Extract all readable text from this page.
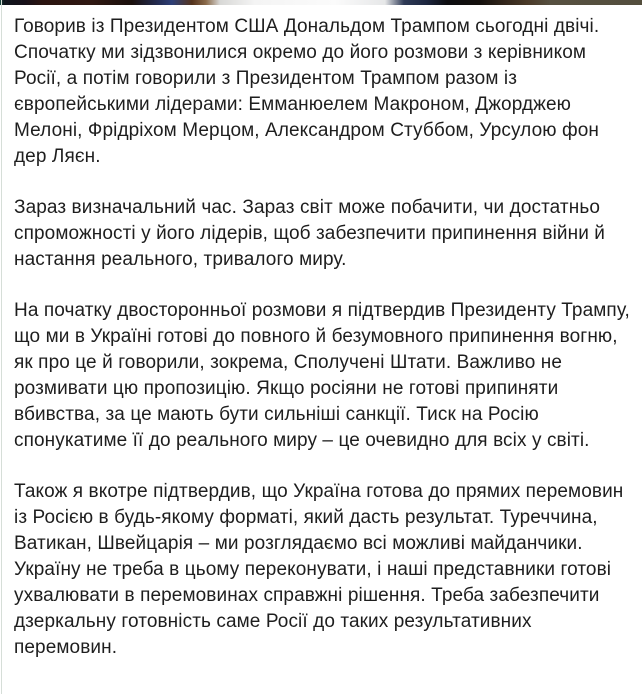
Говорив із Президентом США Дональдом Трампом сьогодні двічі. Спочатку ми зідзвонилися окремо до його розмови з керівником Росії, а потім говорили з Президентом Трампом разом із європейськими лідерами: Емманюелем Макроном, Джорджею Мелоні, Фрідріхом Мерцом, Александром Стуббом, Урсулою фон дер Ляєн.

Зараз визначальний час. Зараз світ може побачити, чи достатньо спроможності у його лідерів, щоб забезпечити припинення війни й настання реального, тривалого миру.

На початку двосторонньої розмови я підтвердив Президенту Трампу, що ми в Україні готові до повного й безумовного припинення вогню, як про це й говорили, зокрема, Сполучені Штати. Важливо не розмивати цю пропозицію. Якщо росіяни не готові припиняти вбивства, за це мають бути сильніші санкції. Тиск на Росію спонукатиме її до реального миру – це очевидно для всіх у світі.

Також я вкотре підтвердив, що Україна готова до прямих перемовин із Росією в будь-якому форматі, який дасть результат. Туреччина, Ватикан, Швейцарія – ми розглядаємо всі можливі майданчики. Україну не треба в цьому переконувати, і наші представники готові ухвалювати в перемовинах справжні рішення. Треба забезпечити дзеркальну готовність саме Росії до таких результативних перемовин.
